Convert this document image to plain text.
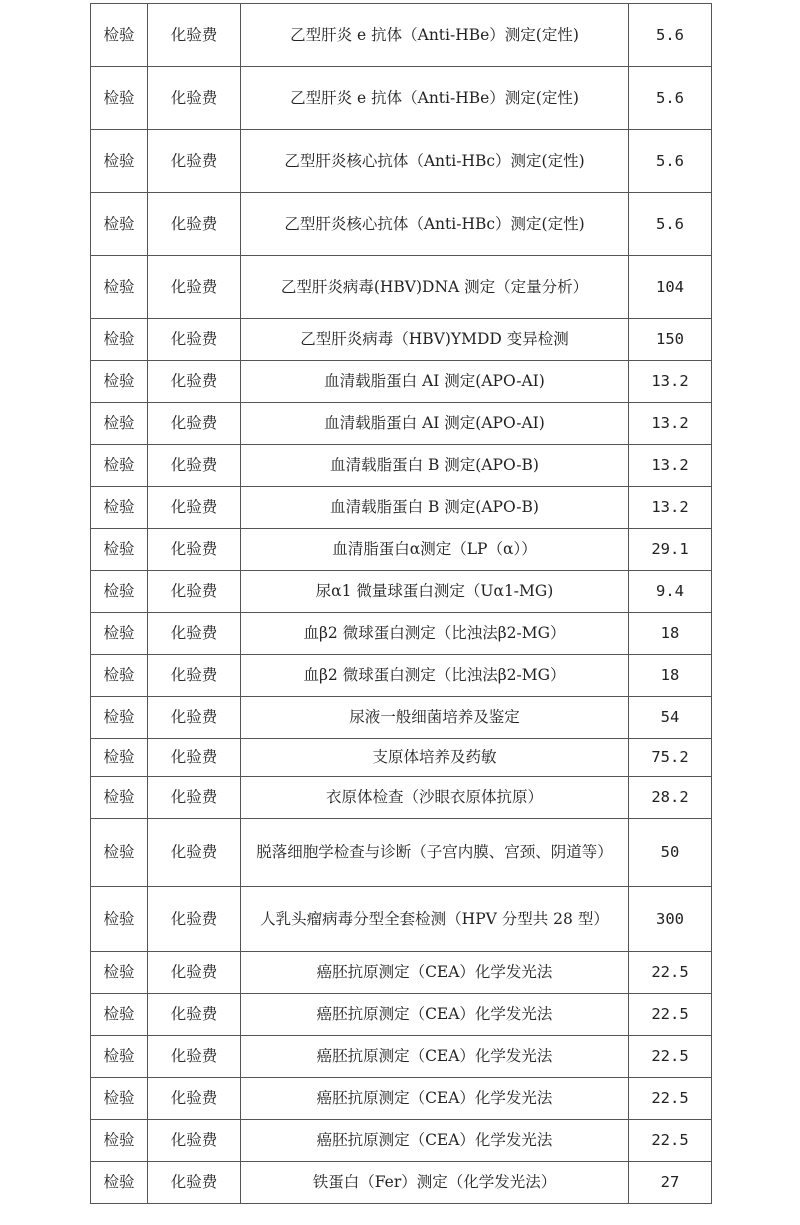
检验	化验费	乙型肝炎 e 抗体（Anti-HBe）测定(定性)	5.6
检验	化验费	乙型肝炎 e 抗体（Anti-HBe）测定(定性)	5.6
检验	化验费	乙型肝炎核心抗体（Anti-HBc）测定(定性)	5.6
检验	化验费	乙型肝炎核心抗体（Anti-HBc）测定(定性)	5.6
检验	化验费	乙型肝炎病毒(HBV)DNA 测定（定量分析）	104
检验	化验费	乙型肝炎病毒（HBV)YMDD 变异检测	150
检验	化验费	血清载脂蛋白 AI 测定(APO-AI)	13.2
检验	化验费	血清载脂蛋白 AI 测定(APO-AI)	13.2
检验	化验费	血清载脂蛋白 B 测定(APO-B)	13.2
检验	化验费	血清载脂蛋白 B 测定(APO-B)	13.2
检验	化验费	血清脂蛋白α测定（LP（α））	29.1
检验	化验费	尿α1 微量球蛋白测定（Uα1-MG)	9.4
检验	化验费	血β2 微球蛋白测定（比浊法β2-MG）	18
检验	化验费	血β2 微球蛋白测定（比浊法β2-MG）	18
检验	化验费	尿液一般细菌培养及鉴定	54
检验	化验费	支原体培养及药敏	75.2
检验	化验费	衣原体检查（沙眼衣原体抗原）	28.2
检验	化验费	脱落细胞学检查与诊断（子宫内膜、宫颈、阴道等）	50
检验	化验费	人乳头瘤病毒分型全套检测（HPV 分型共 28 型）	300
检验	化验费	癌胚抗原测定（CEA）化学发光法	22.5
检验	化验费	癌胚抗原测定（CEA）化学发光法	22.5
检验	化验费	癌胚抗原测定（CEA）化学发光法	22.5
检验	化验费	癌胚抗原测定（CEA）化学发光法	22.5
检验	化验费	癌胚抗原测定（CEA）化学发光法	22.5
检验	化验费	铁蛋白（Fer）测定（化学发光法）	27
